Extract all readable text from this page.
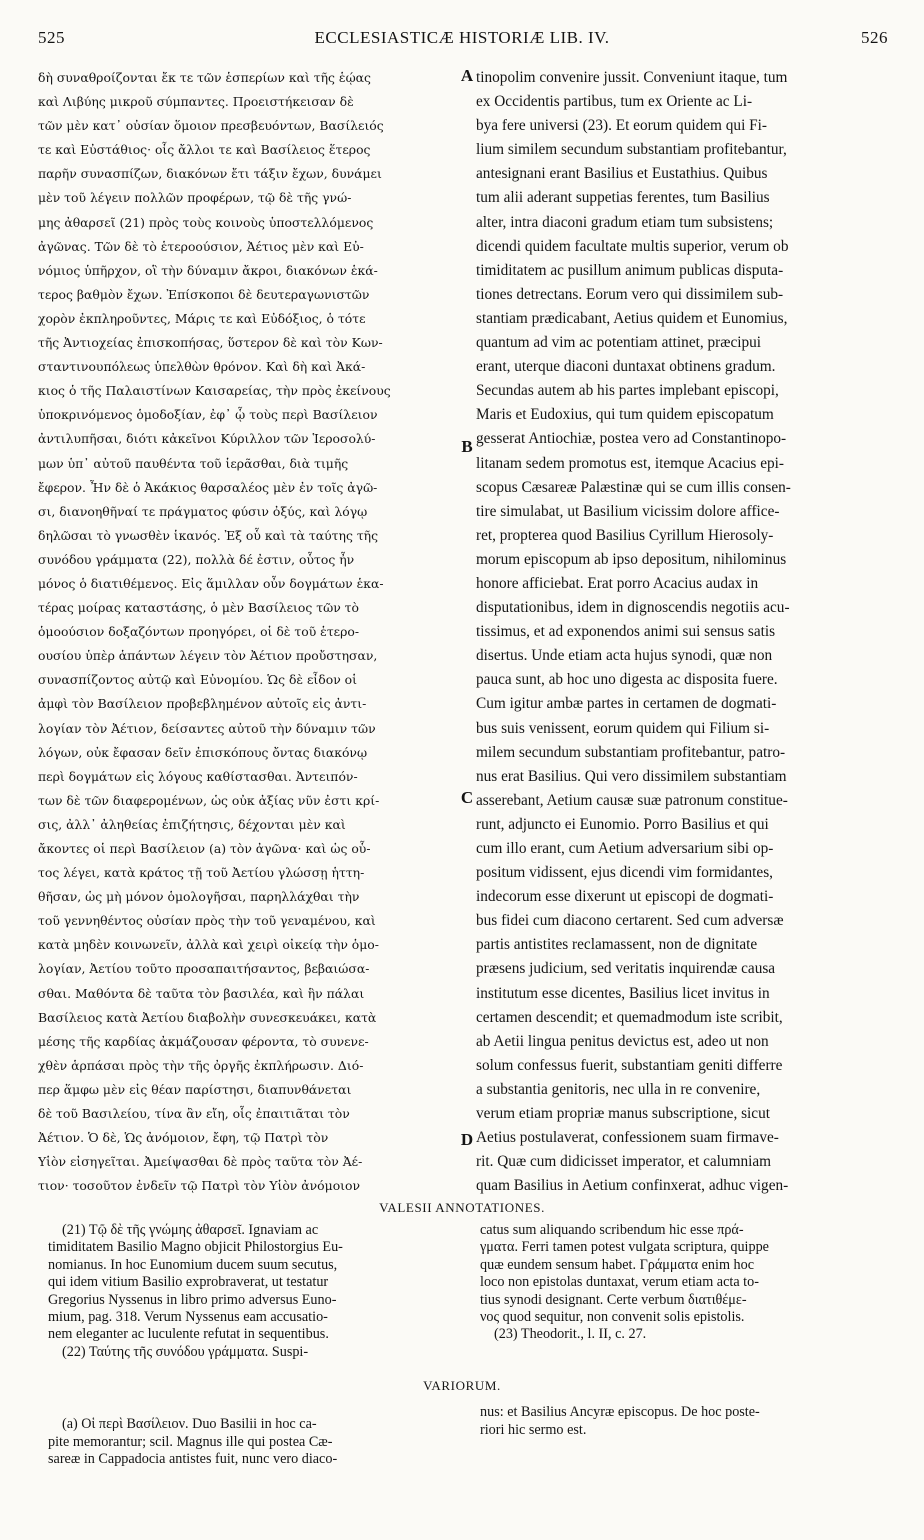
525	ECCLESIASTICÆ HISTORIÆ LIB. IV.	526
δὴ συναθροίζονται ἔκ τε τῶν ἑσπερίων καὶ τῆς ἑῴας
καὶ Λιβύης μικροῦ σύμπαντες. Προειστήκεισαν δὲ
τῶν μὲν κατ᾽ οὐσίαν ὅμοιον πρεσβευόντων, Βασίλειός
τε καὶ Εὐστάθιος· οἷς ἄλλοι τε καὶ Βασίλειος ἕτερος
παρῆν συνασπίζων, διακόνων ἔτι τάξιν ἔχων, δυνάμει
μὲν τοῦ λέγειν πολλῶν προφέρων, τῷ δὲ τῆς γνώ-
μης ἀθαρσεῖ (21) πρὸς τοὺς κοινοὺς ὑποστελλόμενος
ἀγῶνας. Τῶν δὲ τὸ ἑτεροούσιον, Ἀέτιος μὲν καὶ Εὐ-
νόμιος ὑπῆρχον, οἳ τὴν δύναμιν ἄκροι, διακόνων ἑκά-
τερος βαθμὸν ἔχων. Ἐπίσκοποι δὲ δευτεραγωνιστῶν
χορὸν ἐκπληροῦντες, Μάρις τε καὶ Εὐδόξιος, ὁ τότε
τῆς Ἀντιοχείας ἐπισκοπήσας, ὕστερον δὲ καὶ τὸν Κων-
σταντινουπόλεως ὑπελθὼν θρόνον. Καὶ δὴ καὶ Ἀκά-
κιος ὁ τῆς Παλαιστίνων Καισαρείας, τὴν πρὸς ἐκείνους
ὑποκρινόμενος ὁμοδοξίαν, ἐφ᾽ ᾧ τοὺς περὶ Βασίλειον
ἀντιλυπῆσαι, διότι κἀκεῖνοι Κύριλλον τῶν Ἱεροσολύ-
μων ὑπ᾽ αὐτοῦ παυθέντα τοῦ ἱερᾶσθαι, διὰ τιμῆς
ἔφερον. Ἦν δὲ ὁ Ἀκάκιος θαρσαλέος μὲν ἐν τοῖς ἀγῶ-
σι, διανοηθῆναί τε πράγματος φύσιν ὀξύς, καὶ λόγῳ
δηλῶσαι τὸ γνωσθὲν ἱκανός. Ἐξ οὗ καὶ τὰ ταύτης τῆς
συνόδου γράμματα (22), πολλὰ δέ ἐστιν, οὗτος ἦν
μόνος ὁ διατιθέμενος. Εἰς ἅμιλλαν οὖν δογμάτων ἑκα-
τέρας μοίρας καταστάσης, ὁ μὲν Βασίλειος τῶν τὸ
ὁμοούσιον δοξαζόντων προηγόρει, οἱ δὲ τοῦ ἑτερο-
ουσίου ὑπὲρ ἁπάντων λέγειν τὸν Ἀέτιον προὔστησαν,
συνασπίζοντος αὐτῷ καὶ Εὐνομίου. Ὡς δὲ εἶδον οἱ
ἀμφὶ τὸν Βασίλειον προβεβλημένον αὐτοῖς εἰς ἀντι-
λογίαν τὸν Ἀέτιον, δείσαντες αὐτοῦ τὴν δύναμιν τῶν
λόγων, οὐκ ἔφασαν δεῖν ἐπισκόπους ὄντας διακόνῳ
περὶ δογμάτων εἰς λόγους καθίστασθαι. Ἀντειπόν-
των δὲ τῶν διαφερομένων, ὡς οὐκ ἀξίας νῦν ἐστι κρί-
σις, ἀλλ᾽ ἀληθείας ἐπιζήτησις, δέχονται μὲν καὶ
ἄκοντες οἱ περὶ Βασίλειον (a) τὸν ἀγῶνα· καὶ ὡς οὗ-
τος λέγει, κατὰ κράτος τῇ τοῦ Ἀετίου γλώσσῃ ἡττη-
θῆσαν, ὡς μὴ μόνον ὁμολογῆσαι, παρηλλάχθαι τὴν
τοῦ γεννηθέντος οὐσίαν πρὸς τὴν τοῦ γεναμένου, καὶ
κατὰ μηδὲν κοινωνεῖν, ἀλλὰ καὶ χειρὶ οἰκείᾳ τὴν ὁμο-
λογίαν, Ἀετίου τοῦτο προσαπαιτήσαντος, βεβαιώσα-
σθαι. Μαθόντα δὲ ταῦτα τὸν βασιλέα, καὶ ἣν πάλαι
Βασίλειος κατὰ Ἀετίου διαβολὴν συνεσκευάκει, κατὰ
μέσης τῆς καρδίας ἀκμάζουσαν φέροντα, τὸ συνενε-
χθὲν ἁρπάσαι πρὸς τὴν τῆς ὀργῆς ἐκπλήρωσιν. Διό-
περ ἅμφω μὲν εἰς θέαν παρίστησι, διαπυνθάνεται
δὲ τοῦ Βασιλείου, τίνα ἂν εἴη, οἷς ἐπαιτιᾶται τὸν
Ἀέτιον. Ὁ δὲ, Ὡς ἀνόμοιον, ἔφη, τῷ Πατρὶ τὸν
Υἱὸν εἰσηγεῖται. Ἀμείψασθαι δὲ πρὸς ταῦτα τὸν Ἀέ-
τιον· τοσοῦτον ἐνδεῖν τῷ Πατρὶ τὸν Υἱὸν ἀνόμοιον
tinopolim convenire jussit. Conveniunt itaque, tum
ex Occidentis partibus, tum ex Oriente ac Li-
bya fere universi (23). Et eorum quidem qui Fi-
lium similem secundum substantiam profitebantur,
antesignani erant Basilius et Eustathius. Quibus
tum alii aderant suppetias ferentes, tum Basilius
alter, intra diaconi gradum etiam tum subsistens;
dicendi quidem facultate multis superior, verum ob
timiditatem ac pusillum animum publicas disputa-
tiones detrectans. Eorum vero qui dissimilem sub-
stantiam prædicabant, Aetius quidem et Eunomius,
quantum ad vim ac potentiam attinet, præcipui
erant, uterque diaconi duntaxat obtinens gradum.
Secundas autem ab his partes implebant episcopi,
Maris et Eudoxius, qui tum quidem episcopatum
gesserat Antiochiæ, postea vero ad Constantinopo-
litanam sedem promotus est, itemque Acacius epi-
scopus Cæsareæ Palæstinæ qui se cum illis consen-
tire simulabat, ut Basilium vicissim dolore affice-
ret, propterea quod Basilius Cyrillum Hierosoly-
morum episcopum ab ipso depositum, nihilominus
honore afficiebat. Erat porro Acacius audax in
disputationibus, idem in dignoscendis negotiis acu-
tissimus, et ad exponendos animi sui sensus satis
disertus. Unde etiam acta hujus synodi, quæ non
pauca sunt, ab hoc uno digesta ac disposita fuere.
Cum igitur ambæ partes in certamen de dogmati-
bus suis venissent, eorum quidem qui Filium si-
milem secundum substantiam profitebantur, patro-
nus erat Basilius. Qui vero dissimilem substantiam
asserebant, Aetium causæ suæ patronum constitue-
runt, adjuncto ei Eunomio. Porro Basilius et qui
cum illo erant, cum Aetium adversarium sibi op-
positum vidissent, ejus dicendi vim formidantes,
indecorum esse dixerunt ut episcopi de dogmati-
bus fidei cum diacono certarent. Sed cum adversæ
partis antistites reclamassent, non de dignitate
præsens judicium, sed veritatis inquirendæ causa
institutum esse dicentes, Basilius licet invitus in
certamen descendit; et quemadmodum iste scribit,
ab Aetii lingua penitus devictus est, adeo ut non
solum confessus fuerit, substantiam geniti differre
a substantia genitoris, nec ulla in re convenire,
verum etiam propriæ manus subscriptione, sicut
Aetius postulaverat, confessionem suam firmave-
rit. Quæ cum didicisset imperator, et calumniam
quam Basilius in Aetium confinxerat, adhuc vigen-
A
B
C
D
VALESII ANNOTATIONES.
(21) Τῷ δὲ τῆς γνώμης ἀθαρσεῖ. Ignaviam ac
timiditatem Basilio Magno objicit Philostorgius Eu-
nomianus. In hoc Eunomium ducem suum secutus,
qui idem vitium Basilio exprobraverat, ut testatur
Gregorius Nyssenus in libro primo adversus Euno-
mium, pag. 318. Verum Nyssenus eam accusatio-
nem eleganter ac luculente refutat in sequentibus.
(22) Ταύτης τῆς συνόδου γράμματα. Suspi-
catus sum aliquando scribendum hic esse πρά-
γματα. Ferri tamen potest vulgata scriptura, quippe
quæ eundem sensum habet. Γράμματα enim hoc
loco non epistolas duntaxat, verum etiam acta to-
tius synodi designant. Certe verbum διατιθέμε-
νος quod sequitur, non convenit solis epistolis.
(23) Theodorit., l. II, c. 27.
VARIORUM.
(a) Οἱ περὶ Βασίλειον. Duo Basilii in hoc ca-
pite memorantur; scil. Magnus ille qui postea Cæ-
sareæ in Cappadocia antistes fuit, nunc vero diaco-
nus: et Basilius Ancyræ episcopus. De hoc poste-
riori hic sermo est.
